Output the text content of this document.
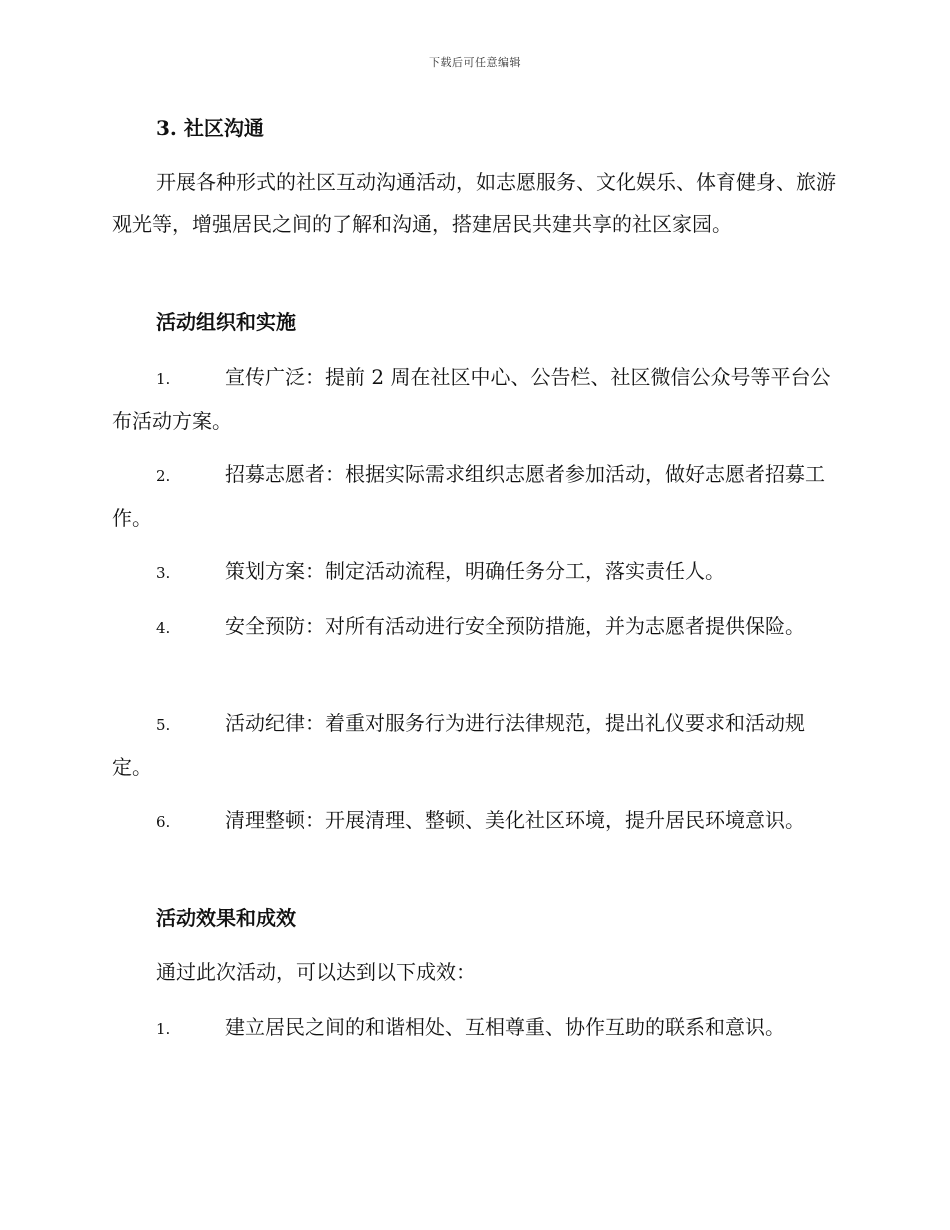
下载后可任意编辑
3. 社区沟通
开展各种形式的社区互动沟通活动，如志愿服务、文化娱乐、体育健身、旅游观光等，增强居民之间的了解和沟通，搭建居民共建共享的社区家园。
活动组织和实施
1.	宣传广泛：提前 2 周在社区中心、公告栏、社区微信公众号等平台公布活动方案。
2.	招募志愿者：根据实际需求组织志愿者参加活动，做好志愿者招募工作。
3.	策划方案：制定活动流程，明确任务分工，落实责任人。
4.	安全预防：对所有活动进行安全预防措施，并为志愿者提供保险。
5.	活动纪律：着重对服务行为进行法律规范，提出礼仪要求和活动规定。
6.	清理整顿：开展清理、整顿、美化社区环境，提升居民环境意识。
活动效果和成效
通过此次活动，可以达到以下成效：
1.	建立居民之间的和谐相处、互相尊重、协作互助的联系和意识。
